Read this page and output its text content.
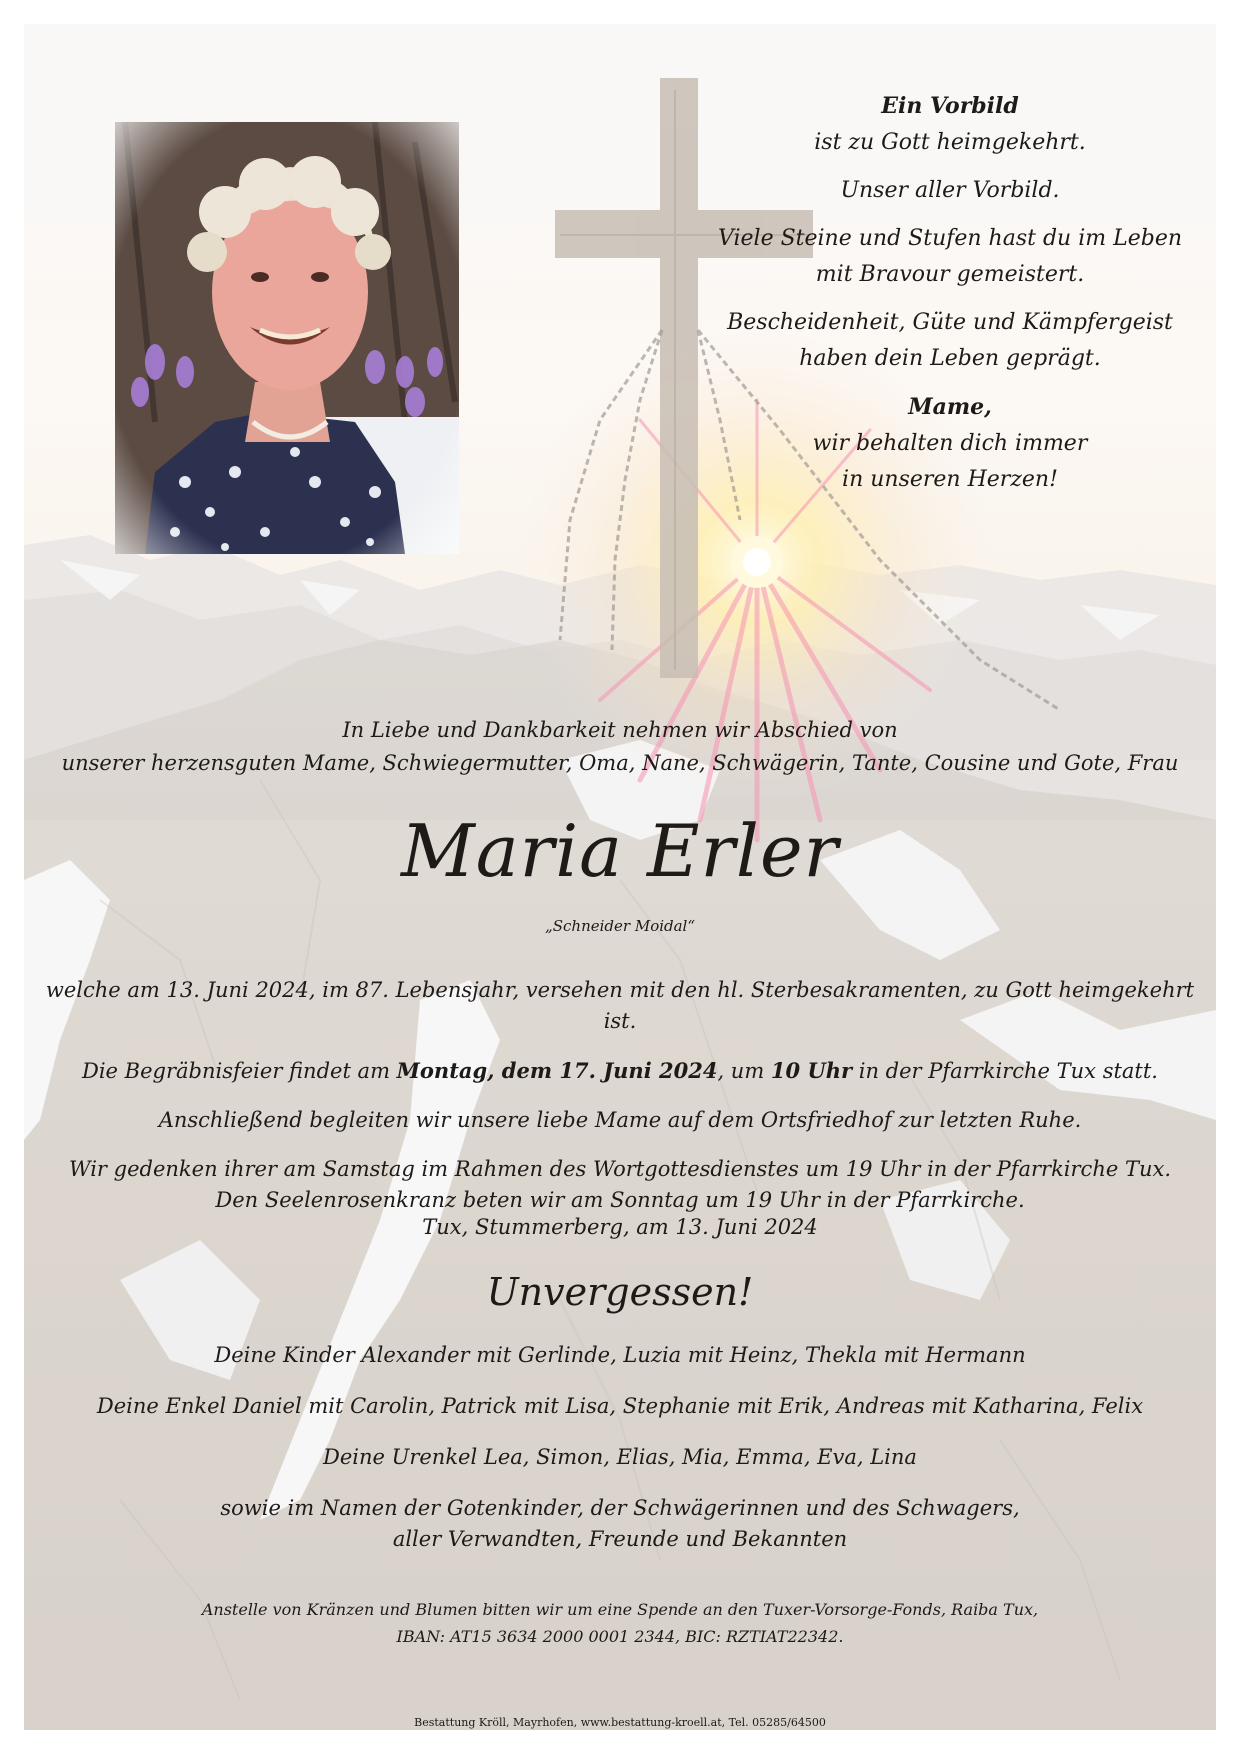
Ein Vorbild

ist zu Gott heimgekehrt.

Unser aller Vorbild.

Viele Steine und Stufen hast du im Leben

mit Bravour gemeistert.

Bescheidenheit, Güte und Kämpfergeist

haben dein Leben geprägt.

Mame,

wir behalten dich immer

in unseren Herzen!

In Liebe und Dankbarkeit nehmen wir Abschied von

unserer herzensguten Mame, Schwiegermutter, Oma, Nane, Schwägerin, Tante, Cousine und Gote, Frau

Maria Erler
„Schneider Moidal“

welche am 13. Juni 2024, im 87. Lebensjahr, versehen mit den hl. Sterbesakramenten, zu Gott heimgekehrt ist.

Die Begräbnisfeier findet am Montag, dem 17. Juni 2024, um 10 Uhr in der Pfarrkirche Tux statt.

Anschließend begleiten wir unsere liebe Mame auf dem Ortsfriedhof zur letzten Ruhe.

Wir gedenken ihrer am Samstag im Rahmen des Wortgottesdienstes um 19 Uhr in der Pfarrkirche Tux.

Den Seelenrosenkranz beten wir am Sonntag um 19 Uhr in der Pfarrkirche.

Tux, Stummerberg, am 13. Juni 2024
Unvergessen!

Deine Kinder Alexander mit Gerlinde, Luzia mit Heinz, Thekla mit Hermann

Deine Enkel Daniel mit Carolin, Patrick mit Lisa, Stephanie mit Erik, Andreas mit Katharina, Felix

Deine Urenkel Lea, Simon, Elias, Mia, Emma, Eva, Lina

sowie im Namen der Gotenkinder, der Schwägerinnen und des Schwagers,

aller Verwandten, Freunde und Bekannten

Anstelle von Kränzen und Blumen bitten wir um eine Spende an den Tuxer-Vorsorge-Fonds, Raiba Tux,

IBAN: AT15 3634 2000 0001 2344, BIC: RZTIAT22342.

Bestattung Kröll, Mayrhofen, www.bestattung-kroell.at, Tel. 05285/64500
